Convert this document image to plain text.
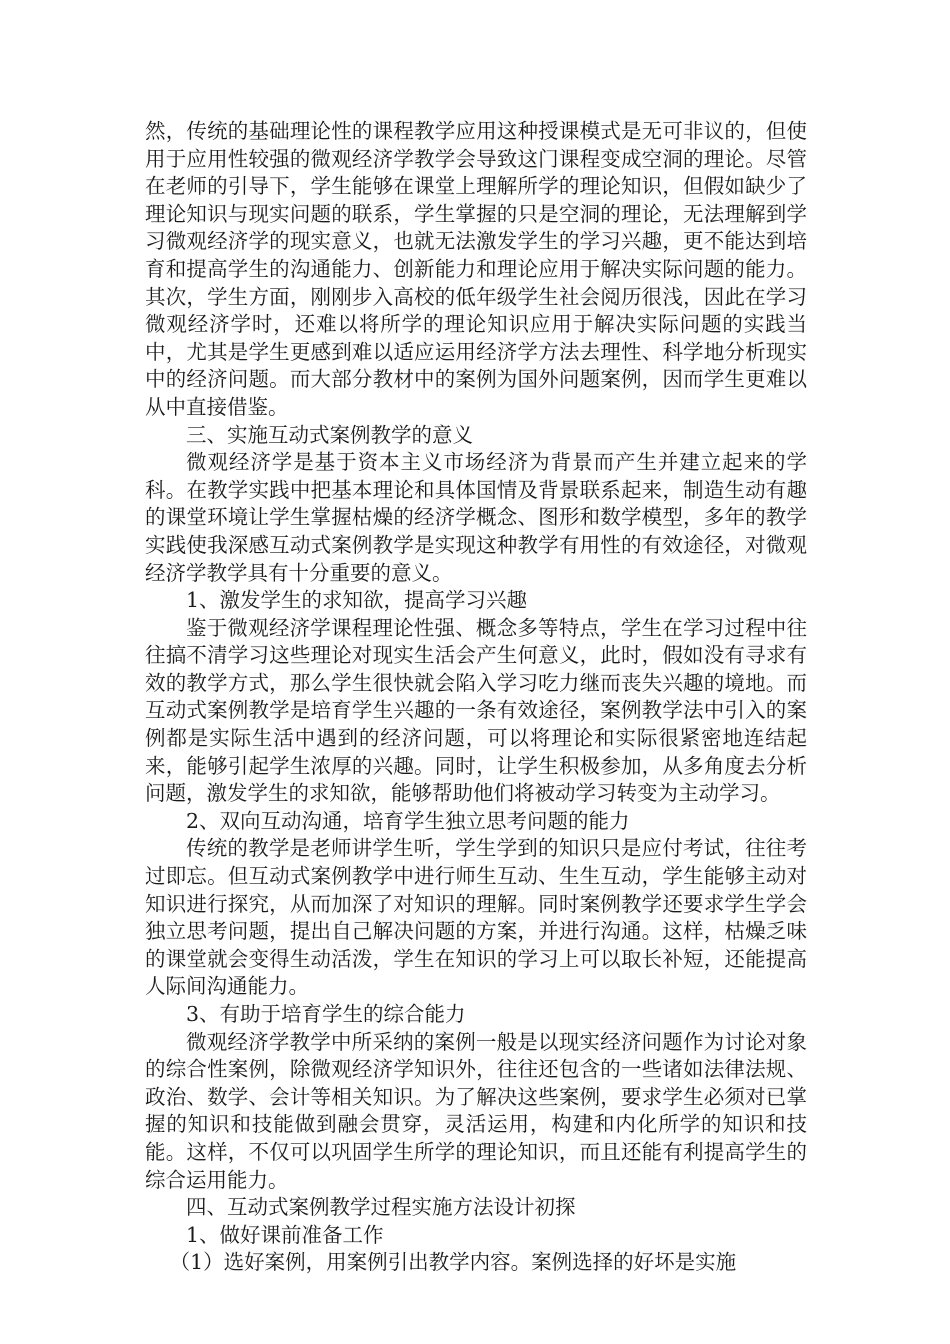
然，传统的基础理论性的课程教学应用这种授课模式是无可非议的，但使用于应用性较强的微观经济学教学会导致这门课程变成空洞的理论。尽管在老师的引导下，学生能够在课堂上理解所学的理论知识，但假如缺少了理论知识与现实问题的联系，学生掌握的只是空洞的理论，无法理解到学习微观经济学的现实意义，也就无法激发学生的学习兴趣，更不能达到培育和提高学生的沟通能力、创新能力和理论应用于解决实际问题的能力。其次，学生方面，刚刚步入高校的低年级学生社会阅历很浅，因此在学习微观经济学时，还难以将所学的理论知识应用于解决实际问题的实践当中，尤其是学生更感到难以适应运用经济学方法去理性、科学地分析现实中的经济问题。而大部分教材中的案例为国外问题案例，因而学生更难以从中直接借鉴。

三、实施互动式案例教学的意义

微观经济学是基于资本主义市场经济为背景而产生并建立起来的学科。在教学实践中把基本理论和具体国情及背景联系起来，制造生动有趣的课堂环境让学生掌握枯燥的经济学概念、图形和数学模型，多年的教学实践使我深感互动式案例教学是实现这种教学有用性的有效途径，对微观经济学教学具有十分重要的意义。

1、激发学生的求知欲，提高学习兴趣

鉴于微观经济学课程理论性强、概念多等特点，学生在学习过程中往往搞不清学习这些理论对现实生活会产生何意义，此时，假如没有寻求有效的教学方式，那么学生很快就会陷入学习吃力继而丧失兴趣的境地。而互动式案例教学是培育学生兴趣的一条有效途径，案例教学法中引入的案例都是实际生活中遇到的经济问题，可以将理论和实际很紧密地连结起来，能够引起学生浓厚的兴趣。同时，让学生积极参加，从多角度去分析问题，激发学生的求知欲，能够帮助他们将被动学习转变为主动学习。

2、双向互动沟通，培育学生独立思考问题的能力

传统的教学是老师讲学生听，学生学到的知识只是应付考试，往往考过即忘。但互动式案例教学中进行师生互动、生生互动，学生能够主动对知识进行探究，从而加深了对知识的理解。同时案例教学还要求学生学会独立思考问题，提出自己解决问题的方案，并进行沟通。这样，枯燥乏味的课堂就会变得生动活泼，学生在知识的学习上可以取长补短，还能提高人际间沟通能力。

3、有助于培育学生的综合能力

微观经济学教学中所采纳的案例一般是以现实经济问题作为讨论对象的综合性案例，除微观经济学知识外，往往还包含的一些诸如法律法规、政治、数学、会计等相关知识。为了解决这些案例，要求学生必须对已掌握的知识和技能做到融会贯穿，灵活运用，构建和内化所学的知识和技能。这样，不仅可以巩固学生所学的理论知识，而且还能有利提高学生的综合运用能力。

四、互动式案例教学过程实施方法设计初探

1、做好课前准备工作

（1）选好案例，用案例引出教学内容。案例选择的好坏是实施
